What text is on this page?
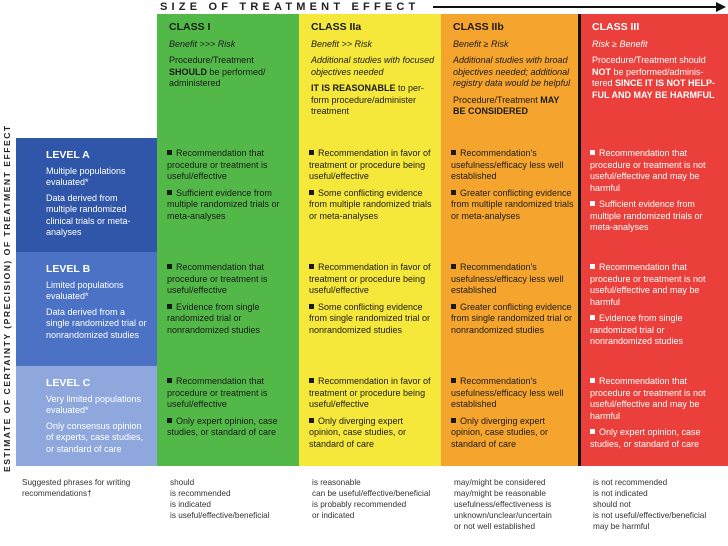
SIZE OF TREATMENT EFFECT
ESTIMATE OF CERTAINTY (PRECISION) OF TREATMENT EFFECT
CLASS I
Benefit >>> Risk
Procedure/Treatment SHOULD be performed/ administered
CLASS IIa
Benefit >> Risk
Additional studies with focused objectives needed
IT IS REASONABLE to per- form procedure/administer treatment
CLASS IIb
Benefit ≥ Risk
Additional studies with broad objectives needed; additional registry data would be helpful
Procedure/Treatment MAY BE CONSIDERED
CLASS III
Risk ≥ Benefit
Procedure/Treatment should NOT be performed/adminis- tered SINCE IT IS NOT HELP- FUL AND MAY BE HARMFUL
LEVEL A
Multiple populations evaluated*
Data derived from multiple randomized clinical trials or meta-analyses
Recommendation that procedure or treatment is useful/effective
Sufficient evidence from multiple randomized trials or meta-analyses
Recommendation in favor of treatment or procedure being useful/effective
Some conflicting evidence from multiple randomized trials or meta-analyses
Recommendation's usefulness/efficacy less well established
Greater conflicting evidence from multiple randomized trials or meta-analyses
Recommendation that procedure or treatment is not useful/effective and may be harmful
Sufficient evidence from multiple randomized trials or meta-analyses
LEVEL B
Limited populations evaluated*
Data derived from a single randomized trial or nonrandomized studies
Recommendation that procedure or treatment is useful/effective
Evidence from single randomized trial or nonrandomized studies
Recommendation in favor of treatment or procedure being useful/effective
Some conflicting evidence from single randomized trial or nonrandomized studies
Recommendation's usefulness/efficacy less well established
Greater conflicting evidence from single randomized trial or nonrandomized studies
Recommendation that procedure or treatment is not useful/effective and may be harmful
Evidence from single randomized trial or nonrandomized studies
LEVEL C
Very limited populations evaluated*
Only consensus opinion of experts, case studies, or standard of care
Recommendation that procedure or treatment is useful/effective
Only expert opinion, case studies, or standard of care
Recommendation in favor of treatment or procedure being useful/effective
Only diverging expert opinion, case studies, or standard of care
Recommendation's usefulness/efficacy less well established
Only diverging expert opinion, case studies, or standard of care
Recommendation that procedure or treatment is not useful/effective and may be harmful
Only expert opinion, case studies, or standard of care
Suggested phrases for writing recommendations†
should
is recommended
is indicated
is useful/effective/beneficial
is reasonable
can be useful/effective/beneficial
is probably recommended
or indicated
may/might be considered
may/might be reasonable
usefulness/effectiveness is
unknown/unclear/uncertain
or not well established
is not recommended
is not indicated
should not
is not useful/effective/beneficial
may be harmful
